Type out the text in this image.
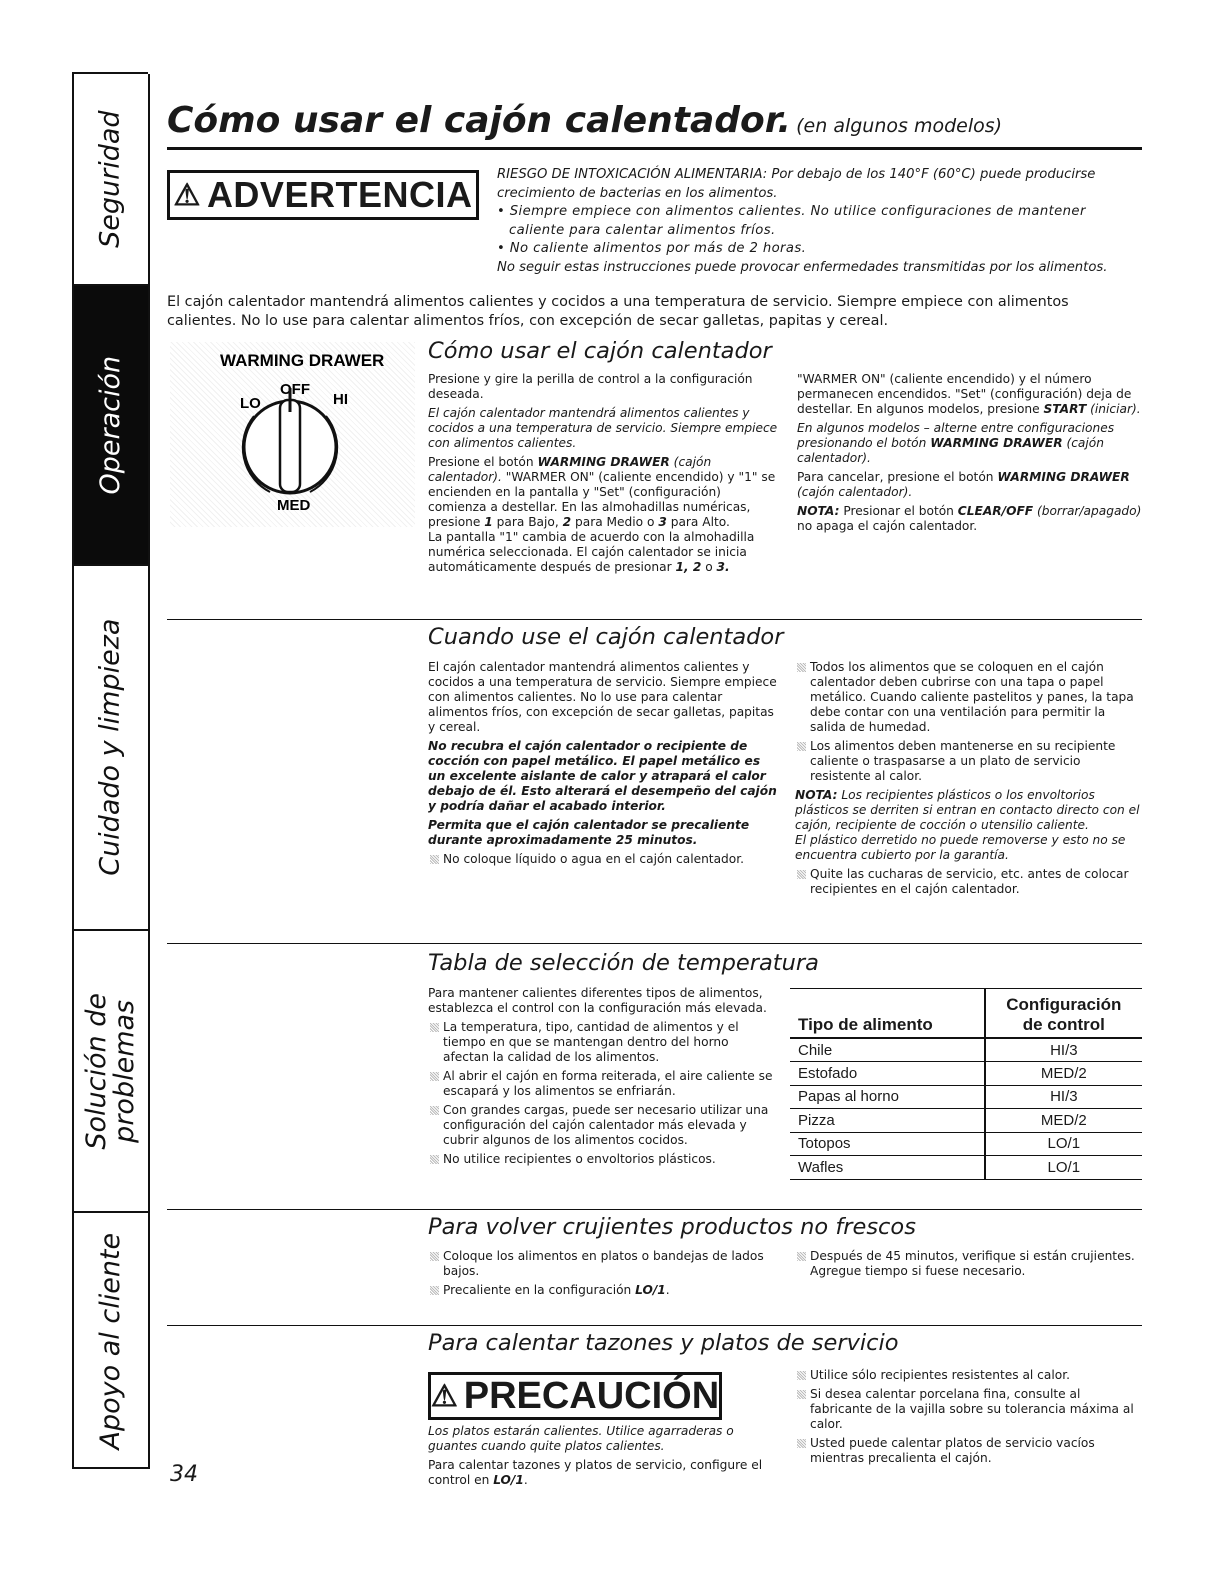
Seguridad
Operación
Cuidado y limpieza
Solución de
problemas
Apoyo al cliente
Cómo usar el cajón calentador. (en algunos modelos)
⚠ ADVERTENCIA RIESGO DE INTOXICACIÓN ALIMENTARIA: Por debajo de los 140°F (60°C) puede producirse crecimiento de bacterias en los alimentos.
• Siempre empiece con alimentos calientes. No utilice configuraciones de mantener caliente para calentar alimentos fríos.
• No caliente alimentos por más de 2 horas.
No seguir estas instrucciones puede provocar enfermedades transmitidas por los alimentos.
El cajón calentador mantendrá alimentos calientes y cocidos a una temperatura de servicio. Siempre empiece con alimentos calientes. No lo use para calentar alimentos fríos, con excepción de secar galletas, papitas y cereal.
WARMING DRAWER
LO
OFF
HI
MED
Cómo usar el cajón calentador

Presione y gire la perilla de control a la configuración deseada.

El cajón calentador mantendrá alimentos calientes y cocidos a una temperatura de servicio. Siempre empiece con alimentos calientes.

Presione el botón WARMING DRAWER (cajón calentador). "WARMER ON" (caliente encendido) y "1" se encienden en la pantalla y "Set" (configuración) comienza a destellar. En las almohadillas numéricas, presione 1 para Bajo, 2 para Medio o 3 para Alto.

La pantalla "1" cambia de acuerdo con la almohadilla numérica seleccionada. El cajón calentador se inicia automáticamente después de presionar 1, 2 o 3.

"WARMER ON" (caliente encendido) y el número permanecen encendidos. "Set" (configuración) deja de destellar. En algunos modelos, presione START (iniciar).

En algunos modelos – alterne entre configuraciones presionando el botón WARMING DRAWER (cajón calentador).

Para cancelar, presione el botón WARMING DRAWER (cajón calentador).

NOTA: Presionar el botón CLEAR/OFF (borrar/apagado) no apaga el cajón calentador.

Cuando use el cajón calentador

El cajón calentador mantendrá alimentos calientes y cocidos a una temperatura de servicio. Siempre empiece con alimentos calientes. No lo use para calentar alimentos fríos, con excepción de secar galletas, papitas y cereal.

No recubra el cajón calentador o recipiente de cocción con papel metálico. El papel metálico es un excelente aislante de calor y atrapará el calor debajo de él. Esto alterará el desempeño del cajón y podría dañar el acabado interior.

Permita que el cajón calentador se precaliente durante aproximadamente 25 minutos.

No coloque líquido o agua en el cajón calentador.

Todos los alimentos que se coloquen en el cajón calentador deben cubrirse con una tapa o papel metálico. Cuando caliente pastelitos y panes, la tapa debe contar con una ventilación para permitir la salida de humedad.

Los alimentos deben mantenerse en su recipiente caliente o traspasarse a un plato de servicio resistente al calor.

NOTA: Los recipientes plásticos o los envoltorios plásticos se derriten si entran en contacto directo con el cajón, recipiente de cocción o utensilio caliente.

El plástico derretido no puede removerse y esto no se encuentra cubierto por la garantía.

Quite las cucharas de servicio, etc. antes de colocar recipientes en el cajón calentador.

Tabla de selección de temperatura

Para mantener calientes diferentes tipos de alimentos, establezca el control con la configuración más elevada.

La temperatura, tipo, cantidad de alimentos y el tiempo en que se mantengan dentro del horno afectan la calidad de los alimentos.

Al abrir el cajón en forma reiterada, el aire caliente se escapará y los alimentos se enfriarán.

Con grandes cargas, puede ser necesario utilizar una configuración del cajón calentador más elevada y cubrir algunos de los alimentos cocidos.

No utilice recipientes o envoltorios plásticos.

Tipo de alimento	Configuración
de control
Chile	HI/3
Estofado	MED/2
Papas al horno	HI/3
Pizza	MED/2
Totopos	LO/1
Wafles	LO/1
Para volver crujientes productos no frescos

Coloque los alimentos en platos o bandejas de lados bajos.

Precaliente en la configuración LO/1.

Después de 45 minutos, verifique si están crujientes. Agregue tiempo si fuese necesario.

Para calentar tazones y platos de servicio
⚠ PRECAUCIÓN

Los platos estarán calientes. Utilice agarraderas o guantes cuando quite platos calientes.

Para calentar tazones y platos de servicio, configure el control en LO/1.

Utilice sólo recipientes resistentes al calor.

Si desea calentar porcelana fina, consulte al fabricante de la vajilla sobre su tolerancia máxima al calor.

Usted puede calentar platos de servicio vacíos mientras precalienta el cajón.

34
